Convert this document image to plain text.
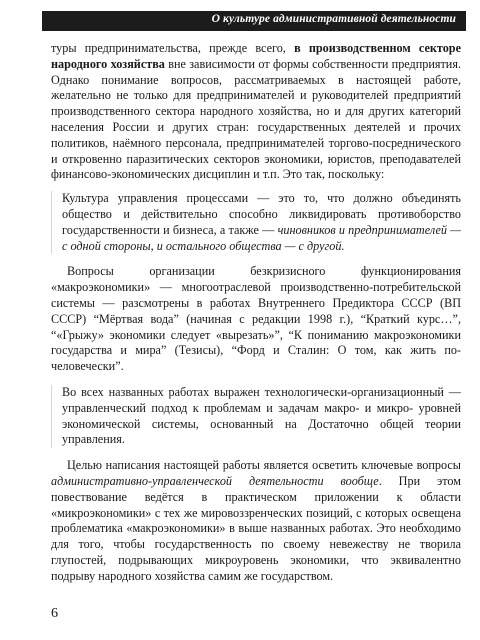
О культуре административной деятельности

туры предпринимательства, прежде всего, в производственном секторе народного хозяйства вне зависимости от формы собственности предприятия. Однако понимание вопросов, рассматриваемых в настоящей работе, желательно не только для предпринимателей и руководителей предприятий производственного сектора народного хозяйства, но и для других категорий населения России и других стран: государственных деятелей и прочих политиков, наёмного персонала, предпринимателей торгово-посреднического и откровенно паразитических секторов экономики, юристов, преподавателей финансово-экономических дисциплин и т.п. Это так, поскольку:

Культура управления процессами — это то, что должно объединять общество и действительно способно ликвидировать противоборство государственности и бизнеса, а также — чиновников и предпринимателей — с одной стороны, и остального общества — с другой.

Вопросы организации безкризисного функционирования «макроэкономики» — многоотраслевой производственно-потребительской системы — разсмотрены в работах Внутреннего Предиктора СССР (ВП СССР) “Мёртвая вода” (начиная с редакции 1998 г.), “Краткий курс…”, “«Грыжу» экономики следует «вырезать»”, “К пониманию макроэкономики государства и мира” (Тезисы), “Форд и Сталин: О том, как жить по-человечески”.

Во всех названных работах выражен технологически-организационный — управленческий подход к проблемам и задачам макро- и микро- уровней экономической системы, основанный на Достаточно общей теории управления.

Целью написания настоящей работы является осветить ключевые вопросы административно-управленческой деятельности вообще. При этом повествование ведётся в практическом приложении к области «микроэкономики» с тех же мировоззренческих позиций, с которых освещена проблематика «макроэкономики» в выше названных работах. Это необходимо для того, чтобы государственность по своему невежеству не творила глупостей, подрывающих микроуровень экономики, что эквивалентно подрыву народного хозяйства самим же государством.

6
